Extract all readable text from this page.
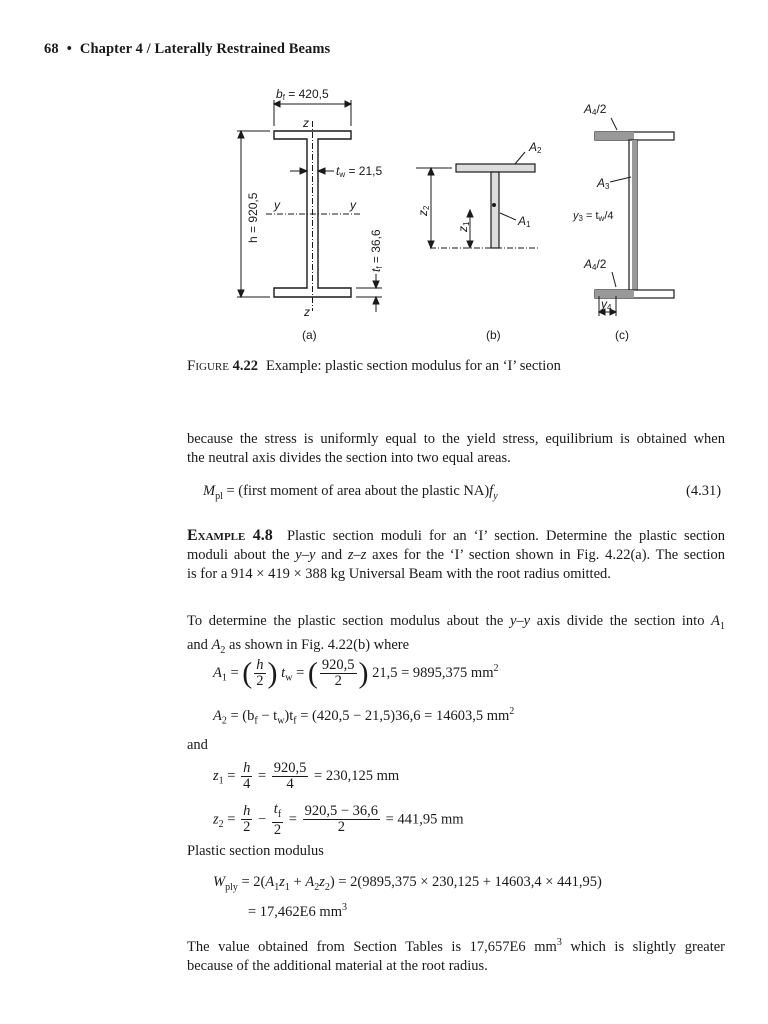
68 • Chapter 4 / Laterally Restrained Beams
bf = 420,5
z
z
tw = 21,5
y	y
h = 920,5
tf = 36,6
(a)
A2
A1
z2
z1
(b)
A4/2
A3
y3 = tw/4
A4/2
y4
(c)
Figure 4.22 Example: plastic section modulus for an ‘I’ section
because the stress is uniformly equal to the yield stress, equilibrium is obtained when
the neutral axis divides the section into two equal areas.
$M_{pl}$ = (first moment of area about the plastic $NA)f_y$	(4.31)
Example 4.8 Plastic section moduli for an ‘I’ section. Determine the plastic section
moduli about the y–y and z–z axes for the ‘I’ section shown in Fig. 4.22(a). The section
is for a 914 × 419 × 388 kg Universal Beam with the root radius omitted.
To determine the plastic section modulus about the y–y axis divide the section into $A_1$
and $A_2$ as shown in Fig. 4.22(b) where
$A_1$ = ( $\frac{h}{2}$ ) $t_w$ = ( $\frac{920,5}{2}$ ) 21,5 = 9895,375 $mm^2$
$A_2 = (b_f - t_w)t_f = (420,5 - 21,5)36,6 = 14603,5$ $mm^2$
and
$z_1 = \frac{h}{4} = \frac{920,5}{4} = 230,125$ mm
$z_2 = \frac{h}{2} - \frac{t_f}{2} = \frac{920,5 - 36,6}{2} = 441,95$ mm
Plastic section modulus
$W_{ply} = 2(A_1z_1 + A_2z_2) = 2(9895,375 \times 230,125 + 14603,4 \times 441,95)$
= 17,462E6 $mm^3$
The value obtained from Section Tables is 17,657E6 $mm^3$ which is slightly greater
because of the additional material at the root radius.
